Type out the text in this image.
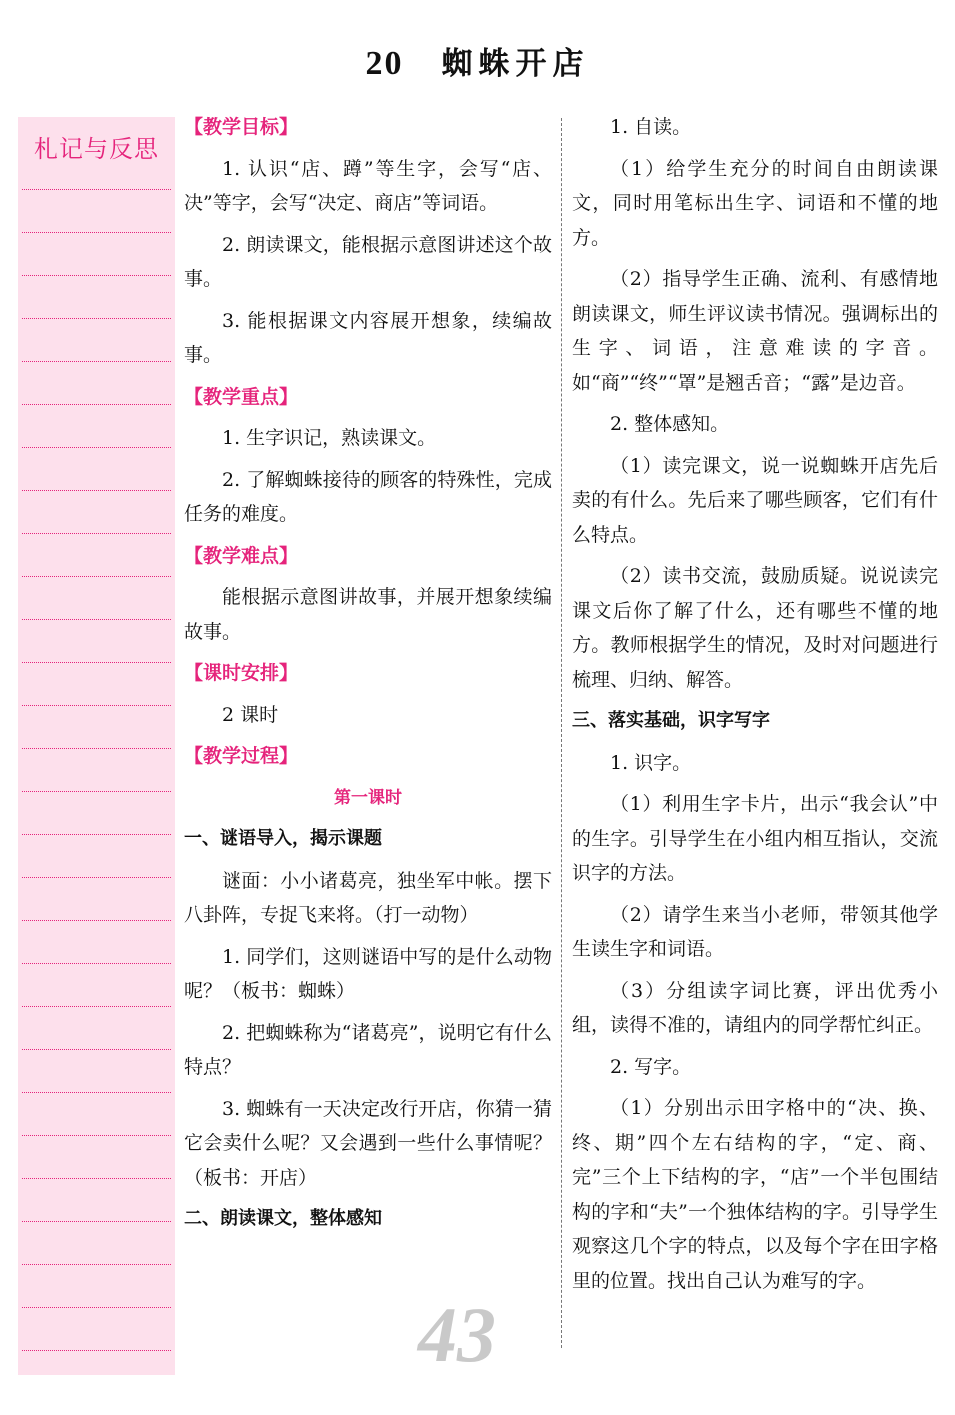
20 蜘蛛开店
札记与反思
【教学目标】
1. 认识“店、蹲”等生字，会写“店、决”等字，会写“决定、商店”等词语。
2. 朗读课文，能根据示意图讲述这个故事。
3. 能根据课文内容展开想象，续编故事。
【教学重点】
1. 生字识记，熟读课文。
2. 了解蜘蛛接待的顾客的特殊性，完成任务的难度。
【教学难点】
能根据示意图讲故事，并展开想象续编故事。
【课时安排】
2 课时
【教学过程】
第一课时
一、谜语导入，揭示课题
谜面：小小诸葛亮，独坐军中帐。摆下八卦阵，专捉飞来将。（打一动物）
1. 同学们，这则谜语中写的是什么动物呢？（板书：蜘蛛）
2. 把蜘蛛称为“诸葛亮”，说明它有什么特点？
3. 蜘蛛有一天决定改行开店，你猜一猜它会卖什么呢？又会遇到一些什么事情呢？（板书：开店）
二、朗读课文，整体感知
1. 自读。
（1）给学生充分的时间自由朗读课文，同时用笔标出生字、词语和不懂的地方。
（2）指导学生正确、流利、有感情地朗读课文，师生评议读书情况。强调标出的生字、词语，注意难读的字音。如“商”“终”“罩”是翘舌音；“露”是边音。
2. 整体感知。
（1）读完课文，说一说蜘蛛开店先后卖的有什么。先后来了哪些顾客，它们有什么特点。
（2）读书交流，鼓励质疑。说说读完课文后你了解了什么，还有哪些不懂的地方。教师根据学生的情况，及时对问题进行梳理、归纳、解答。
三、落实基础，识字写字
1. 识字。
（1）利用生字卡片，出示“我会认”中的生字。引导学生在小组内相互指认，交流识字的方法。
（2）请学生来当小老师，带领其他学生读生字和词语。
（3）分组读字词比赛，评出优秀小组，读得不准的，请组内的同学帮忙纠正。
2. 写字。
（1）分别出示田字格中的“决、换、终、期”四个左右结构的字，“定、商、完”三个上下结构的字，“店”一个半包围结构的字和“夫”一个独体结构的字。引导学生观察这几个字的特点，以及每个字在田字格里的位置。找出自己认为难写的字。
43
